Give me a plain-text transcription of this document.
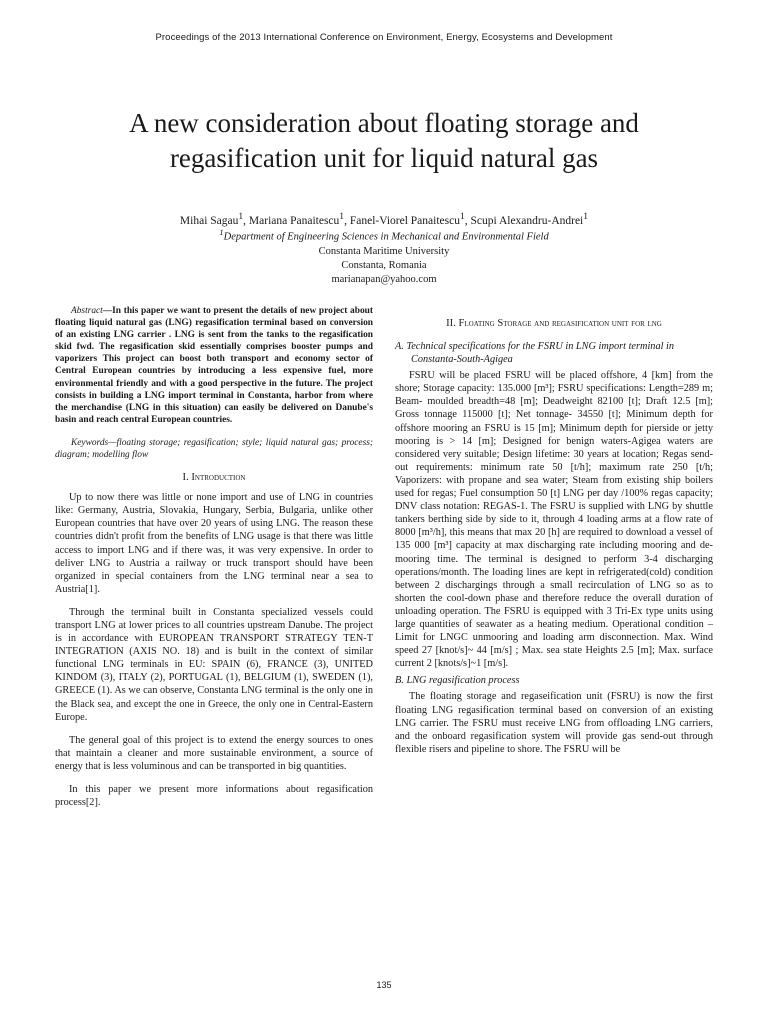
Proceedings of the 2013 International Conference on Environment, Energy, Ecosystems and Development
A new consideration about floating storage and
regasification unit for liquid natural gas
Mihai Sagau$^1$, Mariana Panaitescu$^1$, Fanel-Viorel Panaitescu$^1$, Scupi Alexandru-Andrei$^1$
$^1$Department of Engineering Sciences in Mechanical and Environmental Field
Constanta Maritime University
Constanta, Romania
marianapan@yahoo.com

Abstract—In this paper we want to present the details of new project about floating liquid natural gas (LNG) regasification terminal based on conversion of an existing LNG carrier . LNG is sent from the tanks to the regasification skid fwd. The regasification skid essentially comprises booster pumps and vaporizers This project can boost both transport and economy sector of Central European countries by introducing a less expensive fuel, more environmental friendly and with a good perspective in the future. The project consists in building a LNG import terminal in Constanta, harbor from where the merchandise (LNG in this situation) can easily be delivered on Danube's basin and reach central European countries.

Keywords—floating storage; regasification; style; liquid natural gas; process; diagram; modelling flow

I. Introduction

Up to now there was little or none import and use of LNG in countries like: Germany, Austria, Slovakia, Hungary, Serbia, Bulgaria, unlike other European countries that have over 20 years of using LNG. The reason these countries didn't profit from the benefits of LNG usage is that there was little access to import LNG and if there was, it was very expensive. In order to deliver LNG to Austria a railway or truck transport should have been organized in special containers from the LNG terminal near a sea to Austria[1].

Through the terminal built in Constanta specialized vessels could transport LNG at lower prices to all countries upstream Danube. The project is in accordance with EUROPEAN TRANSPORT STRATEGY TEN-T INTEGRATION (AXIS NO. 18) and is built in the context of similar functional LNG terminals in EU: SPAIN (6), FRANCE (3), UNITED KINDOM (3), ITALY (2), PORTUGAL (1), BELGIUM (1), SWEDEN (1), GREECE (1). As we can observe, Constanta LNG terminal is the only one in the Black sea, and except the one in Greece, the only one in Central-Eastern Europe.

The general goal of this project is to extend the energy sources to ones that maintain a cleaner and more sustainable environment, a source of energy that is less voluminous and can be transported in big quantities.

In this paper we present more informations about regasification process[2].

II. Floating Storage and regasification unit for lng
A. Technical specifications for the FSRU in LNG import terminal in Constanta-South-Agigea

FSRU will be placed FSRU will be placed offshore, 4 [km] from the shore; Storage capacity: 135.000 [m³]; FSRU specifications: Length=289 m; Beam- moulded breadth=48 [m]; Deadweight 82100 [t]; Draft 12.5 [m]; Gross tonnage 115000 [t]; Net tonnage- 34550 [t]; Minimum depth for offshore mooring an FSRU is 15 [m]; Minimum depth for pierside or jetty mooring is > 14 [m]; Designed for benign waters-Agigea waters are considered very suitable; Design lifetime: 30 years at location; Regas send-out requirements: minimum rate 50 [t/h]; maximum rate 250 [t/h; Vaporizers: with propane and sea water; Steam from existing ship boilers used for regas; Fuel consumption 50 [t] LNG per day /100% regas capacity; DNV class notation: REGAS-1. The FSRU is supplied with LNG by shuttle tankers berthing side by side to it, through 4 loading arms at a flow rate of 8000 [m³/h], this means that max 20 [h] are required to download a vessel of 135 000 [m³] capacity at max discharging rate including mooring and de-mooring time. The terminal is designed to perform 3-4 discharging operations/month. The loading lines are kept in refrigerated(cold) condition between 2 dischargings through a small recirculation of LNG so as to shorten the cool-down phase and therefore reduce the overall duration of unloading operation. The FSRU is equipped with 3 Tri-Ex type units using large quantities of seawater as a heating medium. Operational condition – Limit for LNGC unmooring and loading arm disconnection. Max. Wind speed 27 [knot/s]~ 44 [m/s] ; Max. sea state Heights 2.5 [m]; Max. surface current 2 [knots/s]~1 [m/s].

B. LNG regasification process

The floating storage and regaseification unit (FSRU) is now the first floating LNG regasification terminal based on conversion of an existing LNG carrier. The FSRU must receive LNG from offloading LNG carriers, and the onboard regasification system will provide gas send-out through flexible risers and pipeline to shore. The FSRU will be

135
